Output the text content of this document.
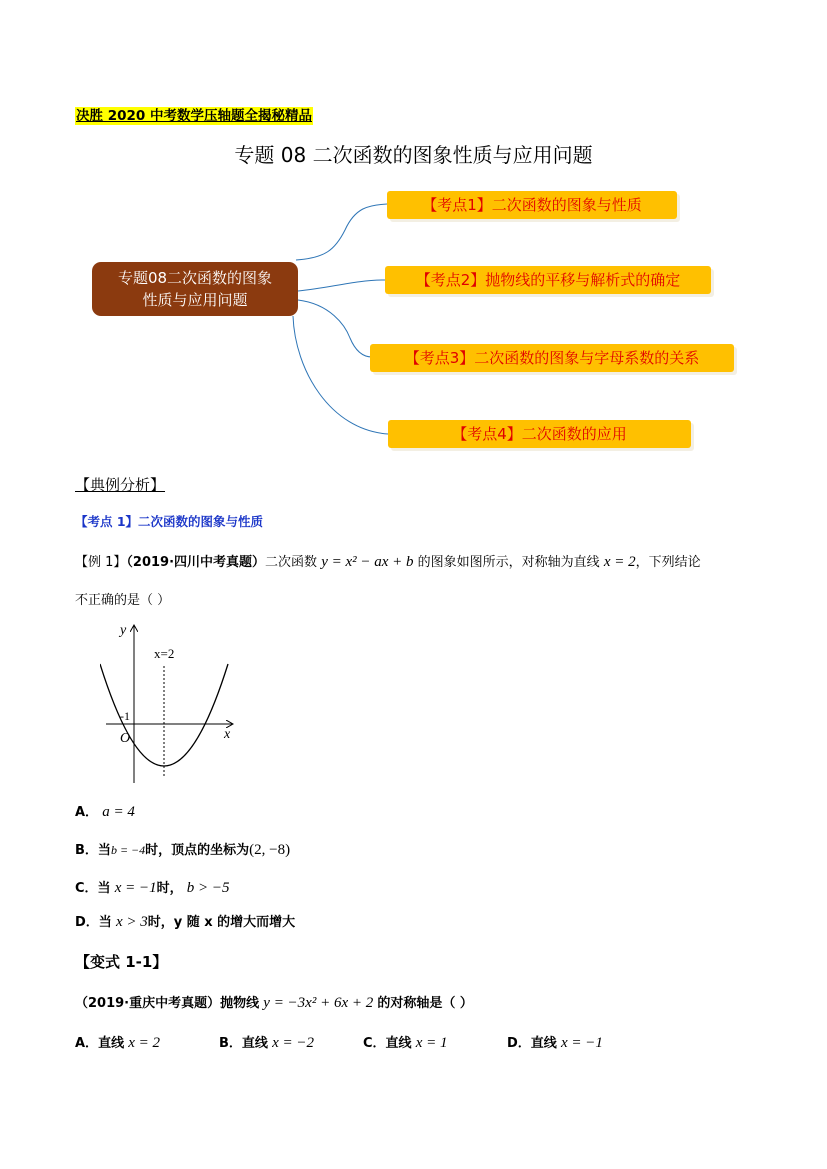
决胜 2020 中考数学压轴题全揭秘精品
专题 08 二次函数的图象性质与应用问题
专题08二次函数的图象
性质与应用问题
【考点1】二次函数的图象与性质
【考点2】抛物线的平移与解析式的确定
【考点3】二次函数的图象与字母系数的关系
【考点4】二次函数的应用
【典例分析】
【考点 1】二次函数的图象与性质
【例 1】（2019·四川中考真题）二次函数 y = x² − ax + b 的图象如图所示，对称轴为直线 x = 2，下列结论
不正确的是（ ）
y
x
O
-1
x=2
A． a = 4
B．当b = −4时，顶点的坐标为(2, −8)
C．当 x = −1时， b > −5
D．当 x > 3时，y 随 x 的增大而增大
【变式 1-1】
（2019·重庆中考真题）抛物线 y = −3x² + 6x + 2 的对称轴是（ ）
A．直线 x = 2	B．直线 x = −2	C．直线 x = 1	D．直线 x = −1
